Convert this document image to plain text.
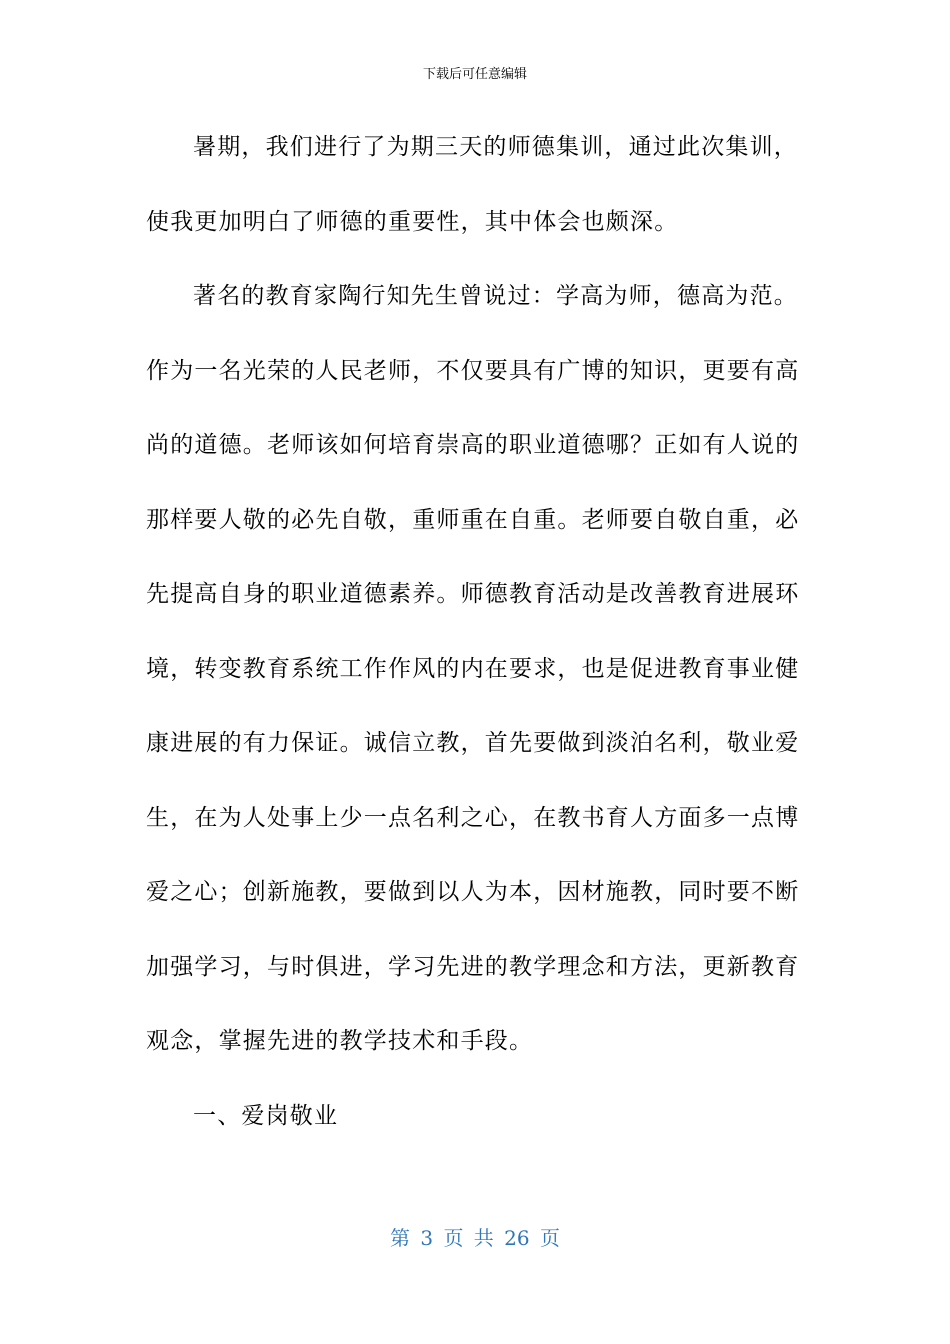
下载后可任意编辑
暑期，我们进行了为期三天的师德集训，通过此次集训，
使我更加明白了师德的重要性，其中体会也颇深。
著名的教育家陶行知先生曾说过：学高为师，德高为范。
作为一名光荣的人民老师，不仅要具有广博的知识，更要有高
尚的道德。老师该如何培育崇高的职业道德哪？正如有人说的
那样要人敬的必先自敬，重师重在自重。老师要自敬自重，必
先提高自身的职业道德素养。师德教育活动是改善教育进展环
境，转变教育系统工作作风的内在要求，也是促进教育事业健
康进展的有力保证。诚信立教，首先要做到淡泊名利，敬业爱
生，在为人处事上少一点名利之心，在教书育人方面多一点博
爱之心；创新施教，要做到以人为本，因材施教，同时要不断
加强学习，与时俱进，学习先进的教学理念和方法，更新教育
观念，掌握先进的教学技术和手段。
一、爱岗敬业
第 3 页 共 26 页
